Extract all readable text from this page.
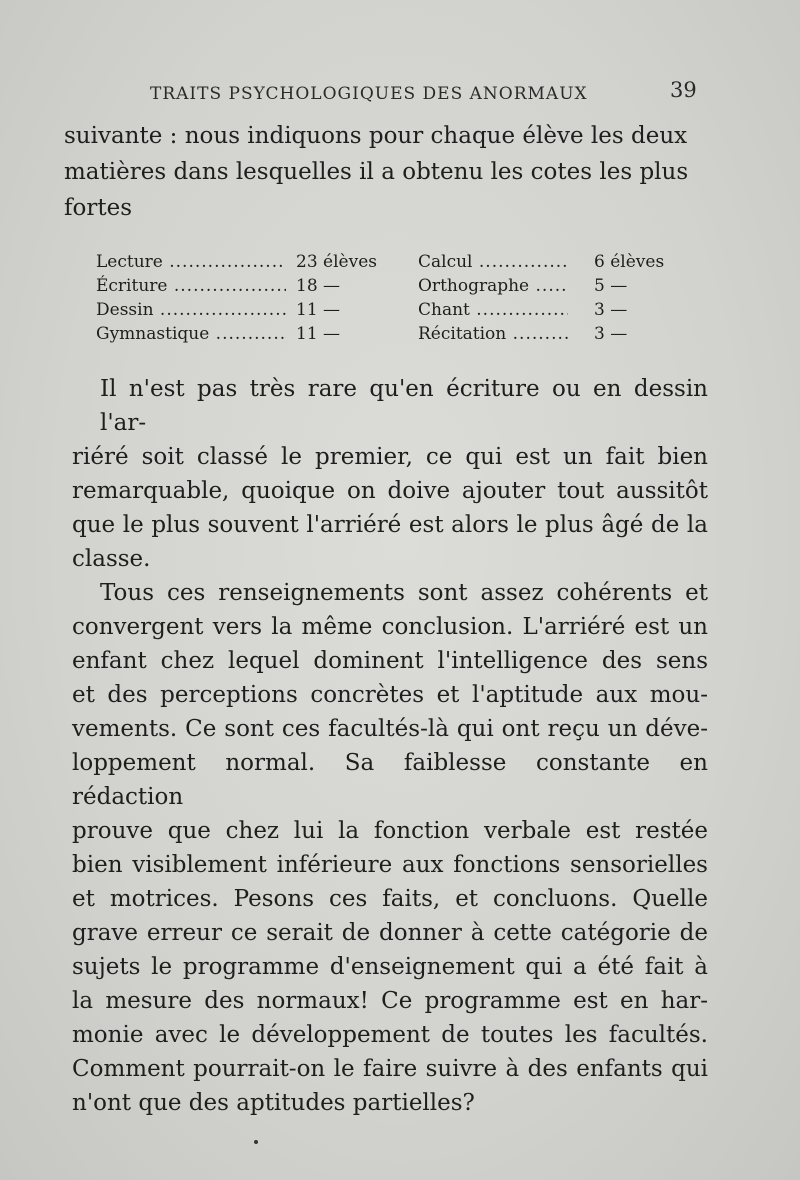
TRAITS PSYCHOLOGIQUES DES ANORMAUX	39
suivante : nous indiquons pour chaque élève les deux
matières dans lesquelles il a obtenu les cotes les plus
fortes
Lecture .....	23 élèves Calcul .....	6 élèves
Écriture .....	18 —	Orthographe .....	5 —
Dessin .....	11 —	Chant .....	3 —
Gymnastique .....	11 —	Récitation .....	3 —
Il n'est pas très rare qu'en écriture ou en dessin l'ar-
riéré soit classé le premier, ce qui est un fait bien
remarquable, quoique on doive ajouter tout aussitôt
que le plus souvent l'arriéré est alors le plus âgé de la
classe.
Tous ces renseignements sont assez cohérents et
convergent vers la même conclusion. L'arriéré est un
enfant chez lequel dominent l'intelligence des sens
et des perceptions concrètes et l'aptitude aux mou-
vements. Ce sont ces facultés-là qui ont reçu un déve-
loppement normal. Sa faiblesse constante en rédaction
prouve que chez lui la fonction verbale est restée
bien visiblement inférieure aux fonctions sensorielles
et motrices. Pesons ces faits, et concluons. Quelle
grave erreur ce serait de donner à cette catégorie de
sujets le programme d'enseignement qui a été fait à
la mesure des normaux! Ce programme est en har-
monie avec le développement de toutes les facultés.
Comment pourrait-on le faire suivre à des enfants qui
n'ont que des aptitudes partielles?
